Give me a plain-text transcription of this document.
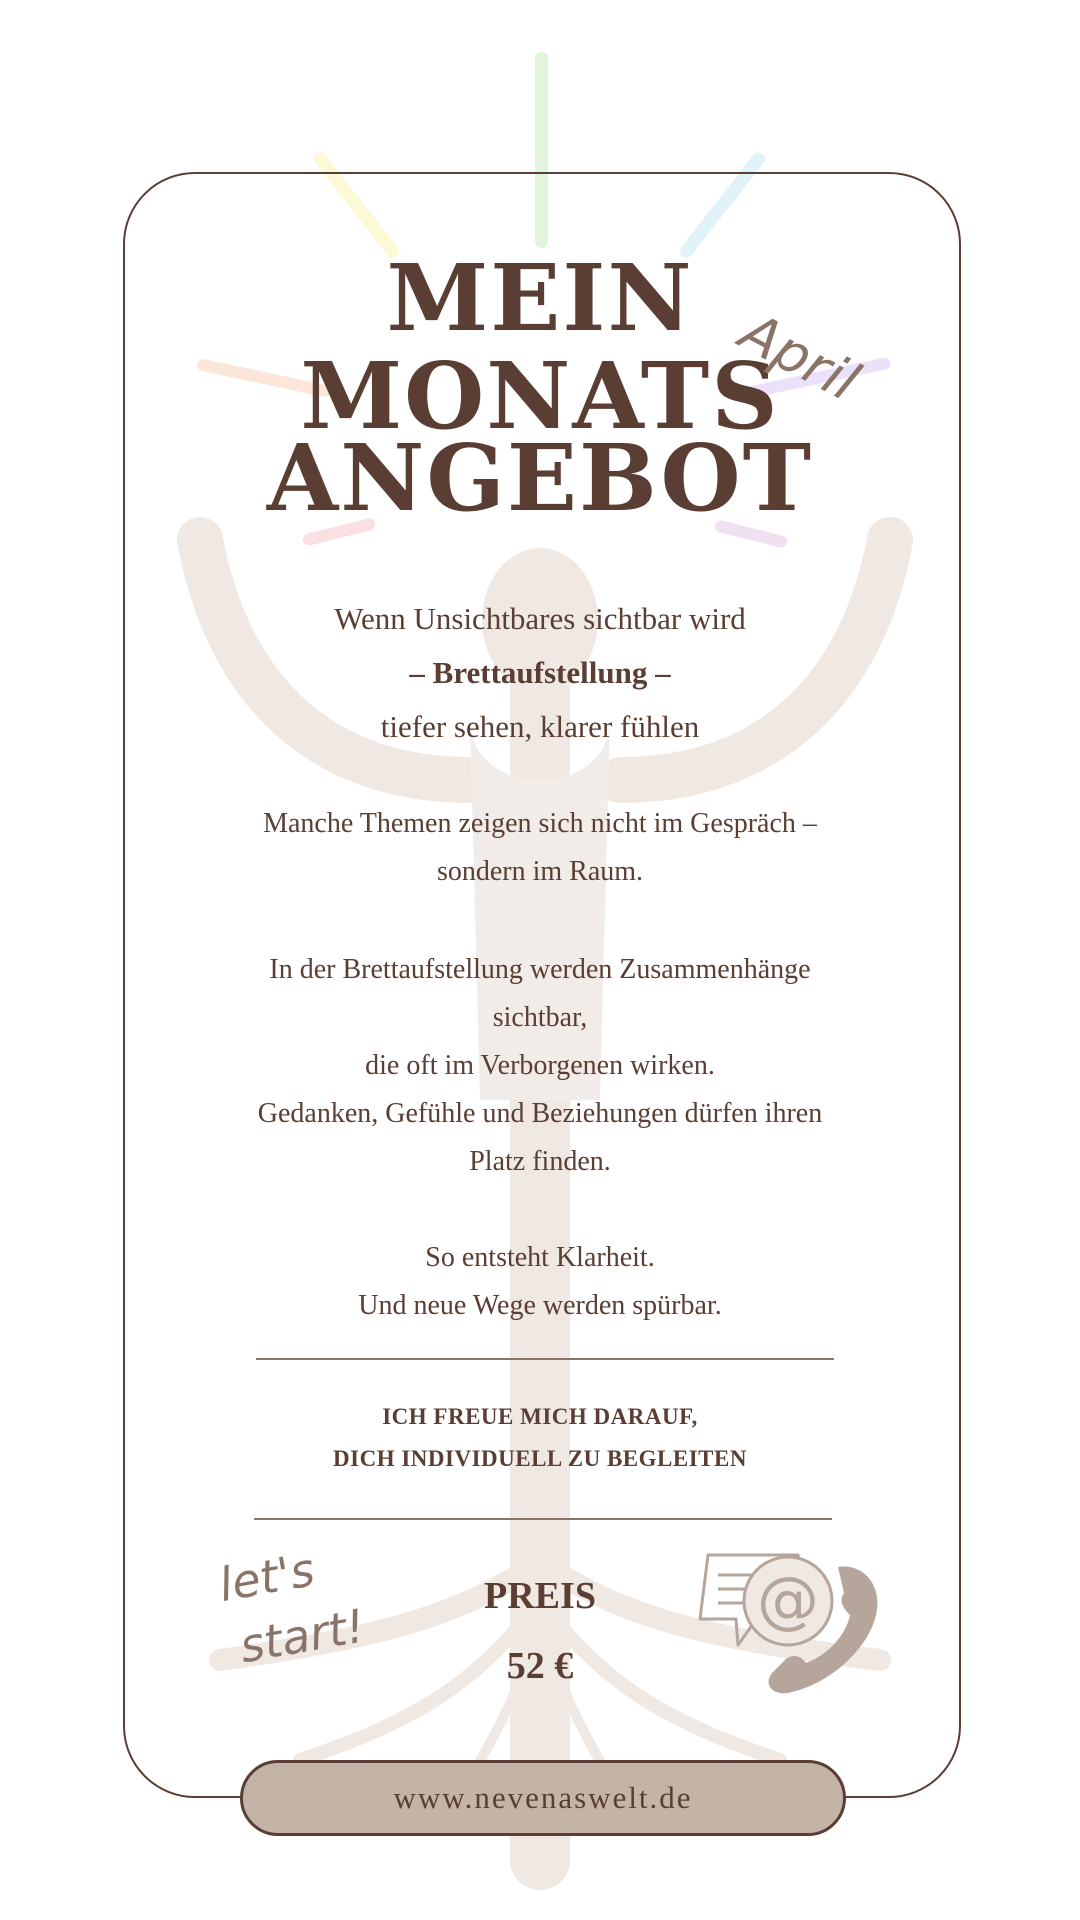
MEIN
MONATS
ANGEBOT
April
Wenn Unsichtbares sichtbar wird
– Brettaufstellung –
tiefer sehen, klarer fühlen
Manche Themen zeigen sich nicht im Gespräch –
sondern im Raum.
In der Brettaufstellung werden Zusammenhänge
sichtbar,
die oft im Verborgenen wirken.
Gedanken, Gefühle und Beziehungen dürfen ihren
Platz finden.
So entsteht Klarheit.
Und neue Wege werden spürbar.
ICH FREUE MICH DARAUF,
DICH INDIVIDUELL ZU BEGLEITEN
let's
start!
PREIS
52 €
@
www.nevenaswelt.de
